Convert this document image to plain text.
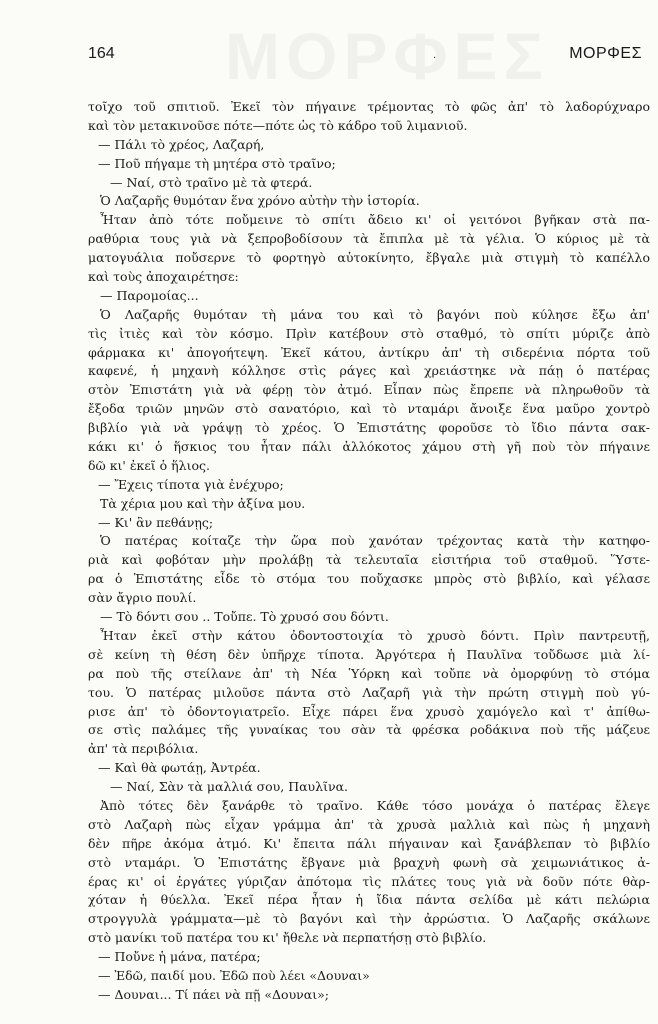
164	·	ΜΟΡΦΕΣ
τοῖχο τοῦ σπιτιοῦ. Ἐκεῖ τὸν πήγαινε τρέμοντας τὸ φῶς ἀπ' τὸ λαδορύχναρο
καὶ τὸν μετακινοῦσε πότε—πότε ὡς τὸ κάδρο τοῦ λιμανιοῦ.
— Πάλι τὸ χρέος, Λαζαρή,
— Ποῦ πήγαμε τὴ μητέρα στὸ τραῖνο;
— Ναί, στὸ τραῖνο μὲ τὰ φτερά.
Ὁ Λαζαρῆς θυμόταν ἕνα χρόνο αὐτὴν τὴν ἱστορία.
Ἦταν ἀπὸ τότε ποὔμεινε τὸ σπίτι ἄδειο κι' οἱ γειτόνοι βγῆκαν στὰ πα-
ραθύρια τους γιὰ νὰ ξεπροβοδίσουν τὰ ἔπιπλα μὲ τὰ γέλια. Ὁ κύριος μὲ τὰ
ματογυάλια ποὔσερνε τὸ φορτηγὸ αὐτοκίνητο, ἔβγαλε μιὰ στιγμὴ τὸ καπέλλο
καὶ τοὺς ἀποχαιρέτησε:
— Παρομοίας...
Ὁ Λαζαρῆς θυμόταν τὴ μάνα του καὶ τὸ βαγόνι ποὺ κύλησε ἔξω ἀπ'
τὶς ἰτιὲς καὶ τὸν κόσμο. Πρὶν κατέβουν στὸ σταθμό, τὸ σπίτι μύριζε ἀπὸ
φάρμακα κι' ἀπογοήτεψη. Ἐκεῖ κάτου, ἀντίκρυ ἀπ' τὴ σιδερένια πόρτα τοῦ
καφενέ, ἡ μηχανὴ κόλλησε στὶς ράγες καὶ χρειάστηκε νὰ πάῃ ὁ πατέρας
στὸν Ἐπιστάτη γιὰ νὰ φέρῃ τὸν ἀτμό. Εἶπαν πὼς ἔπρεπε νὰ πληρωθοῦν τὰ
ἔξοδα τριῶν μηνῶν στὸ σανατόριο, καὶ τὸ νταμάρι ἄνοιξε ἕνα μαῦρο χοντρὸ
βιβλίο γιὰ νὰ γράψῃ τὸ χρέος. Ὁ Ἐπιστάτης φοροῦσε τὸ ἴδιο πάντα σακ-
κάκι κι' ὁ ἥσκιος του ἦταν πάλι ἀλλόκοτος χάμου στὴ γῆ ποὺ τὸν πήγαινε
δῶ κι' ἐκεῖ ὁ ἥλιος.
— Ἔχεις τίποτα γιὰ ἐνέχυρο;
Τὰ χέρια μου καὶ τὴν ἀξίνα μου.
— Κι' ἂν πεθάνῃς;
Ὁ πατέρας κοίταζε τὴν ὥρα ποὺ χανόταν τρέχοντας κατὰ τὴν κατηφο-
ριὰ καὶ φοβόταν μὴν προλάβῃ τὰ τελευταῖα εἰσιτήρια τοῦ σταθμοῦ. Ὕστε-
ρα ὁ Ἐπιστάτης εἶδε τὸ στόμα του ποὔχασκε μπρὸς στὸ βιβλίο, καὶ γέλασε
σὰν ἄγριο πουλί.
— Τὸ δόντι σου .. Τοὔπε. Τὸ χρυσό σου δόντι.
Ἦταν ἐκεῖ στὴν κάτου ὀδοντοστοιχία τὸ χρυσὸ δόντι. Πρὶν παντρευτῇ,
σὲ κείνη τὴ θέση δὲν ὑπῆρχε τίποτα. Ἀργότερα ἡ Παυλῖνα τοὔδωσε μιὰ λί-
ρα ποὺ τῆς στείλανε ἀπ' τὴ Νέα Ὑόρκη καὶ τοὔπε νὰ ὀμορφύνῃ τὸ στόμα
του. Ὁ πατέρας μιλοῦσε πάντα στὸ Λαζαρῆ γιὰ τὴν πρώτη στιγμὴ ποὺ γύ-
ρισε ἀπ' τὸ ὀδοντογιατρεῖο. Εἶχε πάρει ἕνα χρυσὸ χαμόγελο καὶ τ' ἀπίθω-
σε στὶς παλάμες τῆς γυναίκας του σὰν τὰ φρέσκα ροδάκινα ποὺ τῆς μάζευε
ἀπ' τὰ περιβόλια.
— Καὶ θὰ φωτάῃ, Ἀντρέα.
— Ναί, Σὰν τὰ μαλλιά σου, Παυλῖνα.
Ἀπὸ τότες δὲν ξανάρθε τὸ τραῖνο. Κάθε τόσο μονάχα ὁ πατέρας ἔλεγε
στὸ Λαζαρὴ πὼς εἶχαν γράμμα ἀπ' τὰ χρυσὰ μαλλιὰ καὶ πὼς ἡ μηχανὴ
δὲν πῆρε ἀκόμα ἀτμό. Κι' ἔπειτα πάλι πήγαιναν καὶ ξανάβλεπαν τὸ βιβλίο
στὸ νταμάρι. Ὁ Ἐπιστάτης ἔβγανε μιὰ βραχνὴ φωνὴ σὰ χειμωνιάτικος ἀ-
έρας κι' οἱ ἐργάτες γύριζαν ἀπότομα τὶς πλάτες τους γιὰ νὰ δοῦν πότε θὰρ-
χόταν ἡ θύελλα. Ἐκεῖ πέρα ἦταν ἡ ἴδια πάντα σελίδα μὲ κάτι πελώρια
στρογγυλὰ γράμματα—μὲ τὸ βαγόνι καὶ τὴν ἀρρώστια. Ὁ Λαζαρῆς σκάλωνε
στὸ μανίκι τοῦ πατέρα του κι' ἤθελε νὰ περπατήσῃ στὸ βιβλίο.
— Ποὔνε ἡ μάνα, πατέρα;
— Ἐδῶ, παιδί μου. Ἐδῶ ποὺ λέει «Δουναι»
— Δουναι... Τί πάει νὰ πῇ «Δουναι»;
